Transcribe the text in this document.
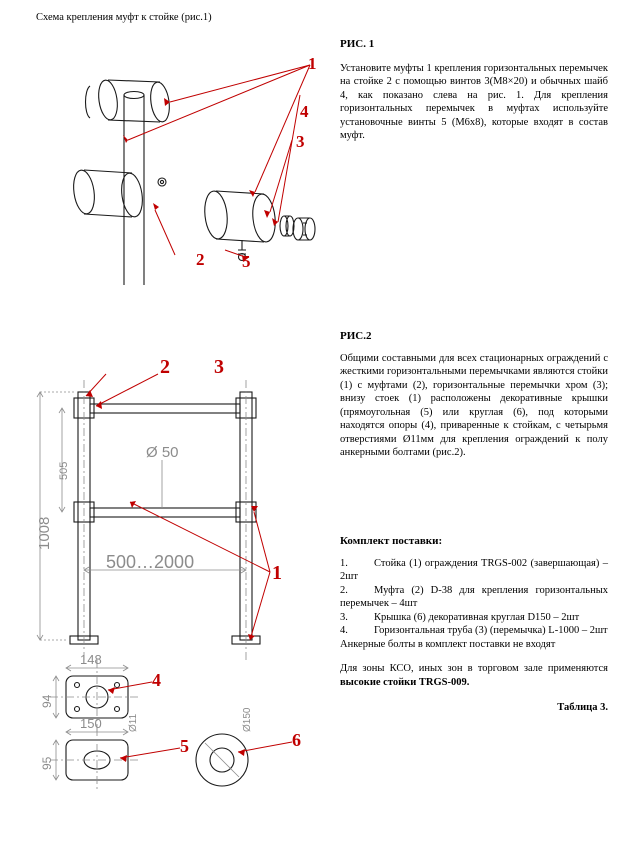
Схема крепления муфт к стойке (рис.1)
1
2
3
4
5
2 3
1
4
5	6
1008
505
Ø 50
500…2000
148
94
150
95
Ø11	Ø150
РИС. 1
Установите муфты 1 крепления горизонтальных перемычек на стойке 2 с помощью винтов 3(М8×20) и обычных шайб 4, как показано слева на рис. 1. Для крепления горизонтальных перемычек в муфтах используйте установочные винты 5 (М6х8), которые входят в состав муфт.
РИС.2
Общими составными для всех стационарных ограждений с жесткими горизонтальными перемычками являются стойки (1) с муфтами (2), горизонтальные перемычки хром (3); внизу стоек (1) расположены декоративные крышки (прямоугольная (5) или круглая (6), под которыми находятся опоры (4), приваренные к стойкам, с четырьмя отверстиями Ø11мм для крепления ограждений к полу анкерными болтами (рис.2).
Комплект поставки:
1. Стойка (1) ограждения TRGS-002 (завершающая) – 2шт
2. Муфта (2) D-38 для крепления горизонтальных перемычек – 4шт
3. Крышка (6) декоративная круглая D150 – 2шт
4. Горизонтальная труба (3) (перемычка) L-1000 – 2шт
Анкерные болты в комплект поставки не входят
Для зоны КСО, иных зон в торговом зале применяются высокие стойки TRGS-009.
Таблица 3.
